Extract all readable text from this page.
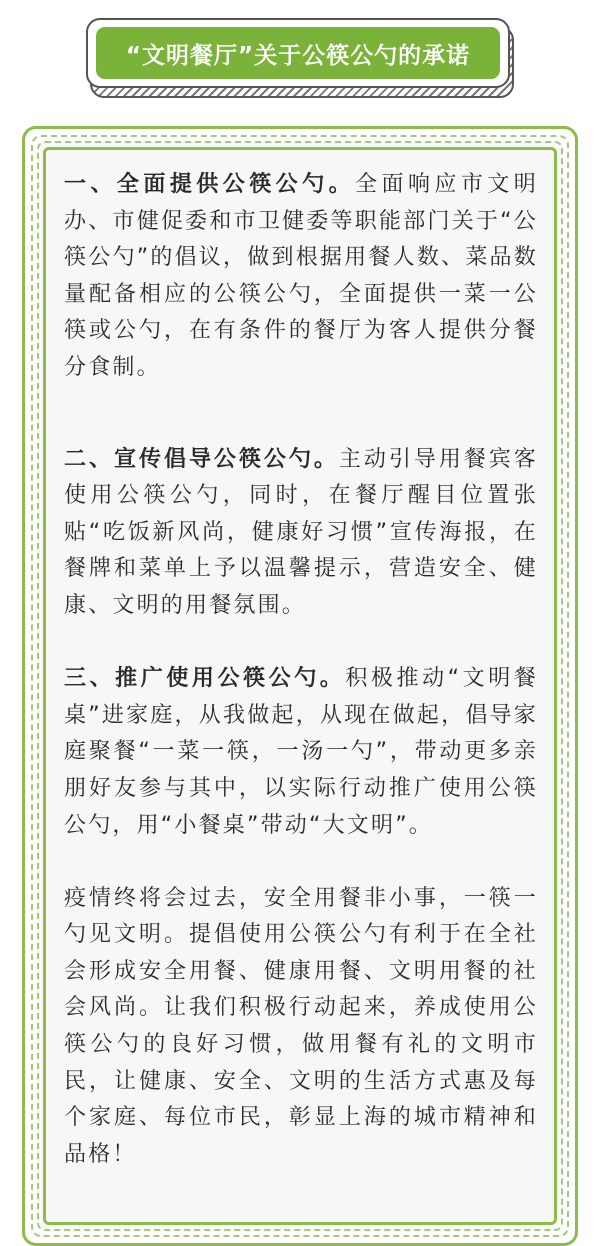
“文明餐厅”关于公筷公勺的承诺

一、全面提供公筷公勺。全面响应市文明办、市健促委和市卫健委等职能部门关于“公筷公勺”的倡议，做到根据用餐人数、菜品数量配备相应的公筷公勺，全面提供一菜一公筷或公勺，在有条件的餐厅为客人提供分餐分食制。

二、宣传倡导公筷公勺。主动引导用餐宾客使用公筷公勺，同时，在餐厅醒目位置张贴“吃饭新风尚，健康好习惯”宣传海报，在餐牌和菜单上予以温馨提示，营造安全、健康、文明的用餐氛围。

三、推广使用公筷公勺。积极推动“文明餐桌”进家庭，从我做起，从现在做起，倡导家庭聚餐“一菜一筷，一汤一勺”，带动更多亲朋好友参与其中，以实际行动推广使用公筷公勺，用“小餐桌”带动“大文明”。

疫情终将会过去，安全用餐非小事，一筷一勺见文明。提倡使用公筷公勺有利于在全社会形成安全用餐、健康用餐、文明用餐的社会风尚。让我们积极行动起来，养成使用公筷公勺的良好习惯，做用餐有礼的文明市民，让健康、安全、文明的生活方式惠及每个家庭、每位市民，彰显上海的城市精神和品格！
